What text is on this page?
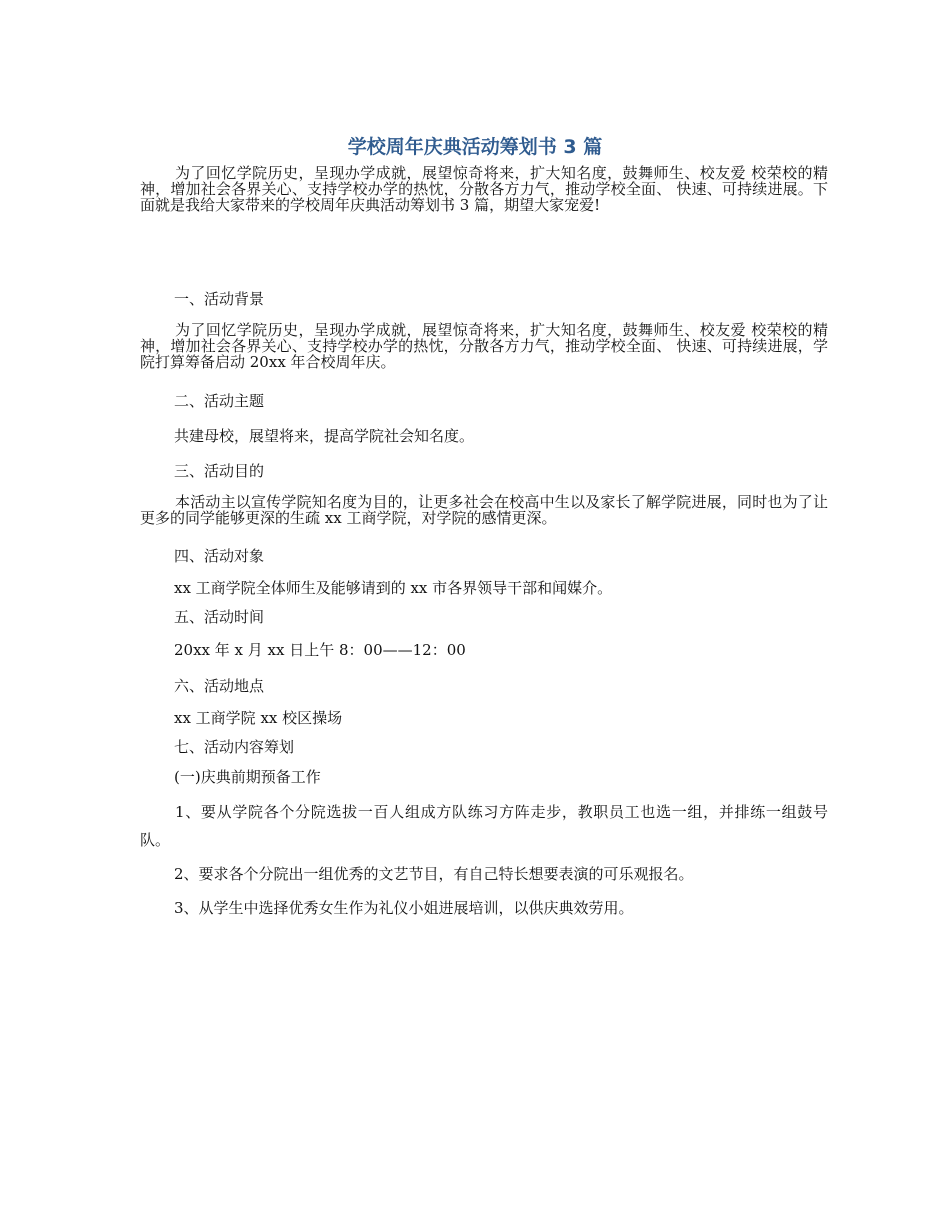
学校周年庆典活动筹划书 3 篇

为了回忆学院历史，呈现办学成就，展望惊奇将来，扩大知名度，鼓舞师生、校友爱 校荣校的精神，增加社会各界关心、支持学校办学的热忱，分散各方力气，推动学校全面、 快速、可持续进展。下面就是我给大家带来的学校周年庆典活动筹划书 3 篇，期望大家宠爱!

一、活动背景

为了回忆学院历史，呈现办学成就，展望惊奇将来，扩大知名度，鼓舞师生、校友爱 校荣校的精神，增加社会各界关心、支持学校办学的热忱，分散各方力气，推动学校全面、 快速、可持续进展，学院打算筹备启动 20xx 年合校周年庆。

二、活动主题

共建母校，展望将来，提高学院社会知名度。

三、活动目的

本活动主以宣传学院知名度为目的，让更多社会在校高中生以及家长了解学院进展，同时也为了让更多的同学能够更深的生疏 xx 工商学院，对学院的感情更深。

四、活动对象

xx 工商学院全体师生及能够请到的 xx 市各界领导干部和闻媒介。

五、活动时间

20xx 年 x 月 xx 日上午 8：00——12：00

六、活动地点

xx 工商学院 xx 校区操场

七、活动内容筹划

(一)庆典前期预备工作

1、要从学院各个分院选拔一百人组成方队练习方阵走步，教职员工也选一组，并排练一组鼓号队。

2、要求各个分院出一组优秀的文艺节目，有自己特长想要表演的可乐观报名。

3、从学生中选择优秀女生作为礼仪小姐进展培训，以供庆典效劳用。
